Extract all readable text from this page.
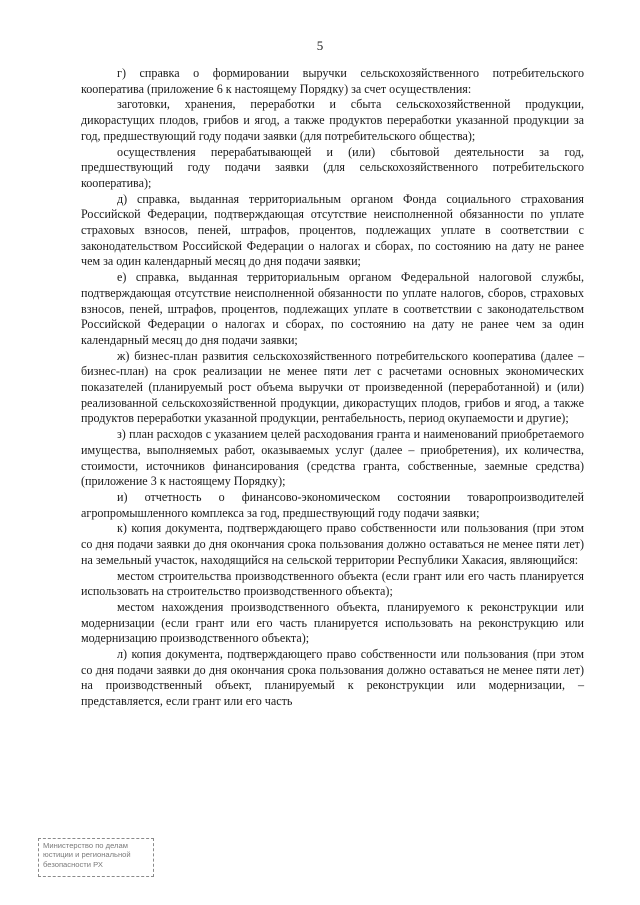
5

г) справка о формировании выручки сельскохозяйственного потребительского кооператива (приложение 6 к настоящему Порядку) за счет осуществления:

заготовки, хранения, переработки и сбыта сельскохозяйственной продукции, дикорастущих плодов, грибов и ягод, а также продуктов переработки указанной продукции за год, предшествующий году подачи заявки (для потребительского общества);

осуществления перерабатывающей и (или) сбытовой деятельности за год, предшествующий году подачи заявки (для сельскохозяйственного потребительского кооператива);

д) справка, выданная территориальным органом Фонда социального страхования Российской Федерации, подтверждающая отсутствие неисполненной обязанности по уплате страховых взносов, пеней, штрафов, процентов, подлежащих уплате в соответствии с законодательством Российской Федерации о налогах и сборах, по состоянию на дату не ранее чем за один календарный месяц до дня подачи заявки;

е) справка, выданная территориальным органом Федеральной налоговой службы, подтверждающая отсутствие неисполненной обязанности по уплате налогов, сборов, страховых взносов, пеней, штрафов, процентов, подлежащих уплате в соответствии с законодательством Российской Федерации о налогах и сборах, по состоянию на дату не ранее чем за один календарный месяц до дня подачи заявки;

ж) бизнес-план развития сельскохозяйственного потребительского кооператива (далее – бизнес-план) на срок реализации не менее пяти лет с расчетами основных экономических показателей (планируемый рост объема выручки от произведенной (переработанной) и (или) реализованной сельскохозяйственной продукции, дикорастущих плодов, грибов и ягод, а также продуктов переработки указанной продукции, рентабельность, период окупаемости и другие);

з) план расходов с указанием целей расходования гранта и наименований приобретаемого имущества, выполняемых работ, оказываемых услуг (далее – приобретения), их количества, стоимости, источников финансирования (средства гранта, собственные, заемные средства) (приложение 3 к настоящему Порядку);

и) отчетность о финансово-экономическом состоянии товаропроизводителей агропромышленного комплекса за год, предшествующий году подачи заявки;

к) копия документа, подтверждающего право собственности или пользования (при этом со дня подачи заявки до дня окончания срока пользования должно оставаться не менее пяти лет) на земельный участок, находящийся на сельской территории Республики Хакасия, являющийся:

местом строительства производственного объекта (если грант или его часть планируется использовать на строительство производственного объекта);

местом нахождения производственного объекта, планируемого к реконструкции или модернизации (если грант или его часть планируется использовать на реконструкцию или модернизацию производственного объекта);

л) копия документа, подтверждающего право собственности или пользования (при этом со дня подачи заявки до дня окончания срока пользования должно оставаться не менее пяти лет) на производственный объект, планируемый к реконструкции или модернизации, – представляется, если грант или его часть

Министерство по делам
юстиции и региональной
безопасности РХ
